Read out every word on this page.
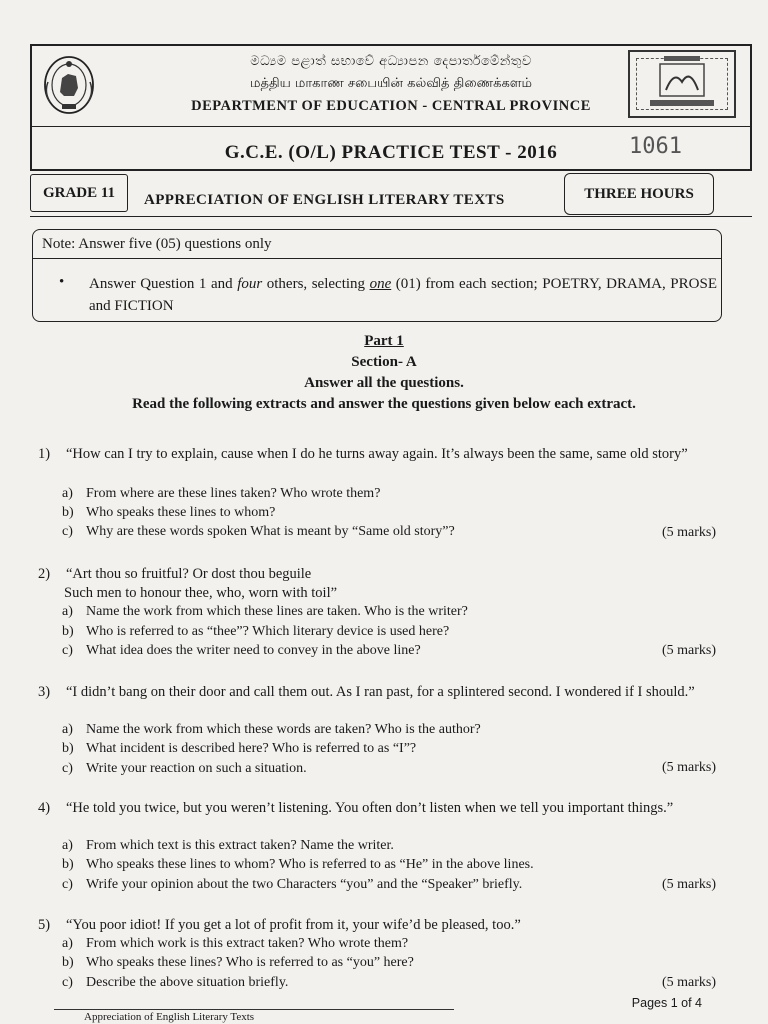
මධ්‍යම පළාත් සභාවේ අධ්‍යාපන දෙපාර්තමේන්තුව
மத்திய மாகாண சபையின் கல்வித் திணைக்களம்
DEPARTMENT OF EDUCATION - CENTRAL PROVINCE
G.C.E. (O/L) PRACTICE TEST - 2016	1061
GRADE 11	APPRECIATION OF ENGLISH LITERARY TEXTS	THREE HOURS
Note: Answer five (05) questions only
• Answer Question 1 and four others, selecting one (01) from each section; POETRY, DRAMA, PROSE and FICTION
Part 1
Section- A
Answer all the questions.
Read the following extracts and answer the questions given below each extract.
1) “How can I try to explain, cause when I do he turns away again. It’s always been the same, same old story”
a) From where are these lines taken? Who wrote them?
b) Who speaks these lines to whom?
c) Why are these words spoken What is meant by “Same old story”?	(5 marks)
2) “Art thou so fruitful? Or dost thou beguile
Such men to honour thee, who, worn with toil”
a) Name the work from which these lines are taken. Who is the writer?
b) Who is referred to as “thee”? Which literary device is used here?
c) What idea does the writer need to convey in the above line?	(5 marks)
3) “I didn’t bang on their door and call them out. As I ran past, for a splintered second. I wondered if I should.”
a) Name the work from which these words are taken? Who is the author?
b) What incident is described here? Who is referred to as “I”?
c) Write your reaction on such a situation.	(5 marks)
4) “He told you twice, but you weren’t listening. You often don’t listen when we tell you important things.”
a) From which text is this extract taken? Name the writer.
b) Who speaks these lines to whom? Who is referred to as “He” in the above lines.
c) Wrife your opinion about the two Characters “you” and the “Speaker” briefly.	(5 marks)
5) “You poor idiot! If you get a lot of profit from it, your wife’d be pleased, too.”
a) From which work is this extract taken? Who wrote them?
b) Who speaks these lines? Who is referred to as “you” here?
c) Describe the above situation briefly.	(5 marks)
Pages 1 of 4
Appreciation of English Literary Texts
